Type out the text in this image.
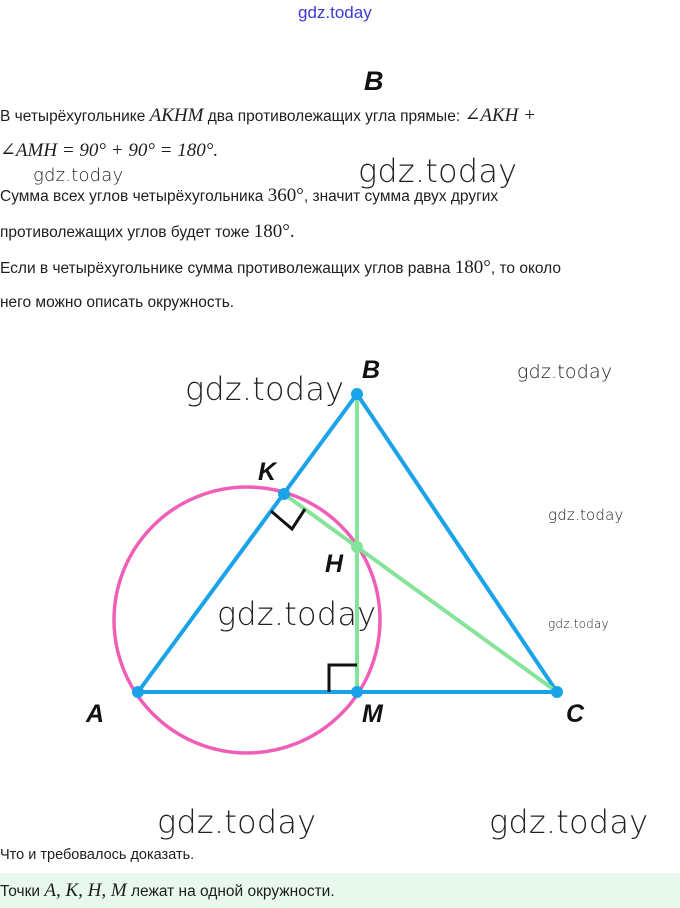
gdz.today
B
В четырёхугольнике AKHM два противолежащих угла прямые: ∠AKH +
∠AMH = 90° + 90° = 180°.
Сумма всех углов четырёхугольника 360°, значит сумма двух других
противолежащих углов будет тоже 180°.
Если в четырёхугольнике сумма противолежащих углов равна 180°, то около
него можно описать окружность.
B
K
H
A	M	C
gdz.today
gdz.today
gdz.today	gdz.today
gdz.today
gdz.today	gdz.today
gdz.today	gdz.today
Что и требовалось доказать.
Точки A, K, H, M лежат на одной окружности.
